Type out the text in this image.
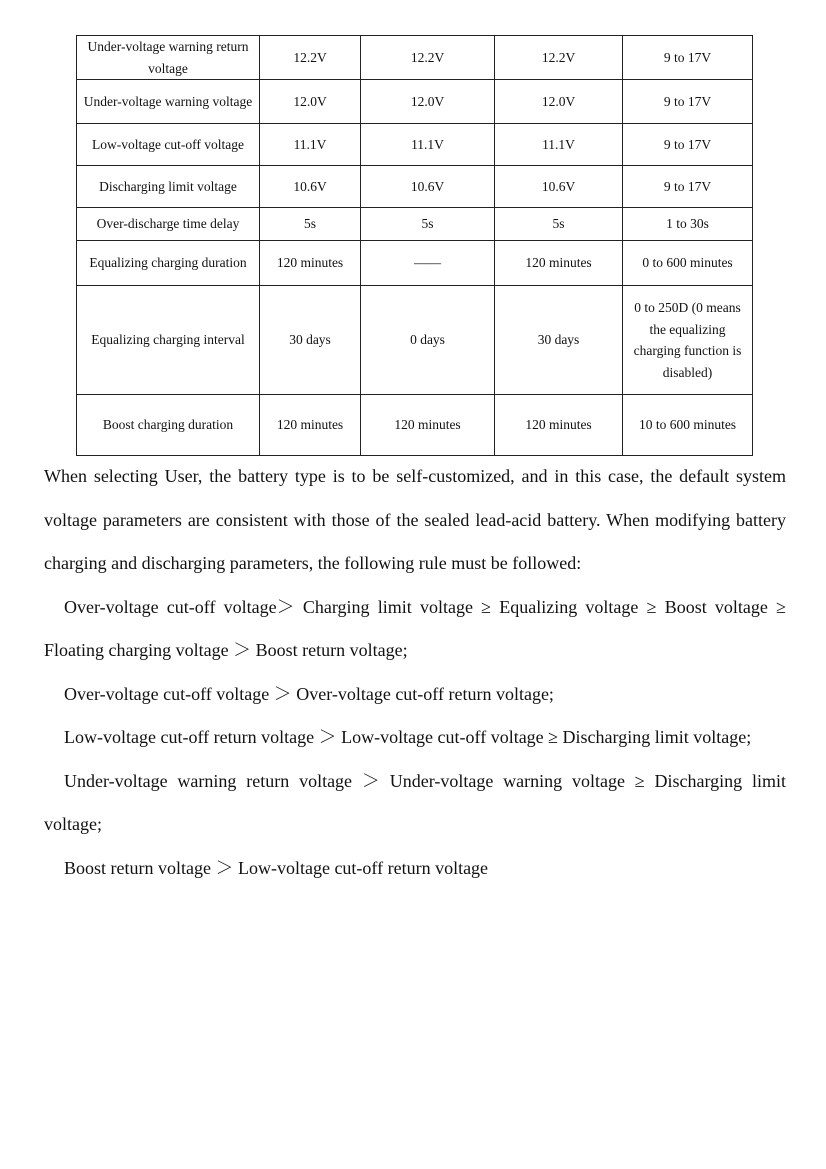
Under-voltage warning return voltage	12.2V	12.2V	12.2V	9 to 17V
Under-voltage warning voltage	12.0V	12.0V	12.0V	9 to 17V
Low-voltage cut-off voltage	11.1V	11.1V	11.1V	9 to 17V
Discharging limit voltage	10.6V	10.6V	10.6V	9 to 17V
Over-discharge time delay	5s	5s	5s	1 to 30s
Equalizing charging duration	120 minutes	——	120 minutes	0 to 600 minutes
Equalizing charging interval	30 days	0 days	30 days	0 to 250D (0 means the equalizing charging function is disabled)
Boost charging duration	120 minutes	120 minutes	120 minutes	10 to 600 minutes

When selecting User, the battery type is to be self-customized, and in this case, the default system voltage parameters are consistent with those of the sealed lead-acid battery. When modifying battery charging and discharging parameters, the following rule must be followed:

Over-voltage cut-off voltage＞ Charging limit voltage ≥ Equalizing voltage ≥ Boost voltage ≥ Floating charging voltage ＞ Boost return voltage;

Over-voltage cut-off voltage ＞ Over-voltage cut-off return voltage;

Low-voltage cut-off return voltage ＞ Low-voltage cut-off voltage ≥ Discharging limit voltage;

Under-voltage warning return voltage ＞ Under-voltage warning voltage ≥ Discharging limit voltage;

Boost return voltage ＞ Low-voltage cut-off return voltage
